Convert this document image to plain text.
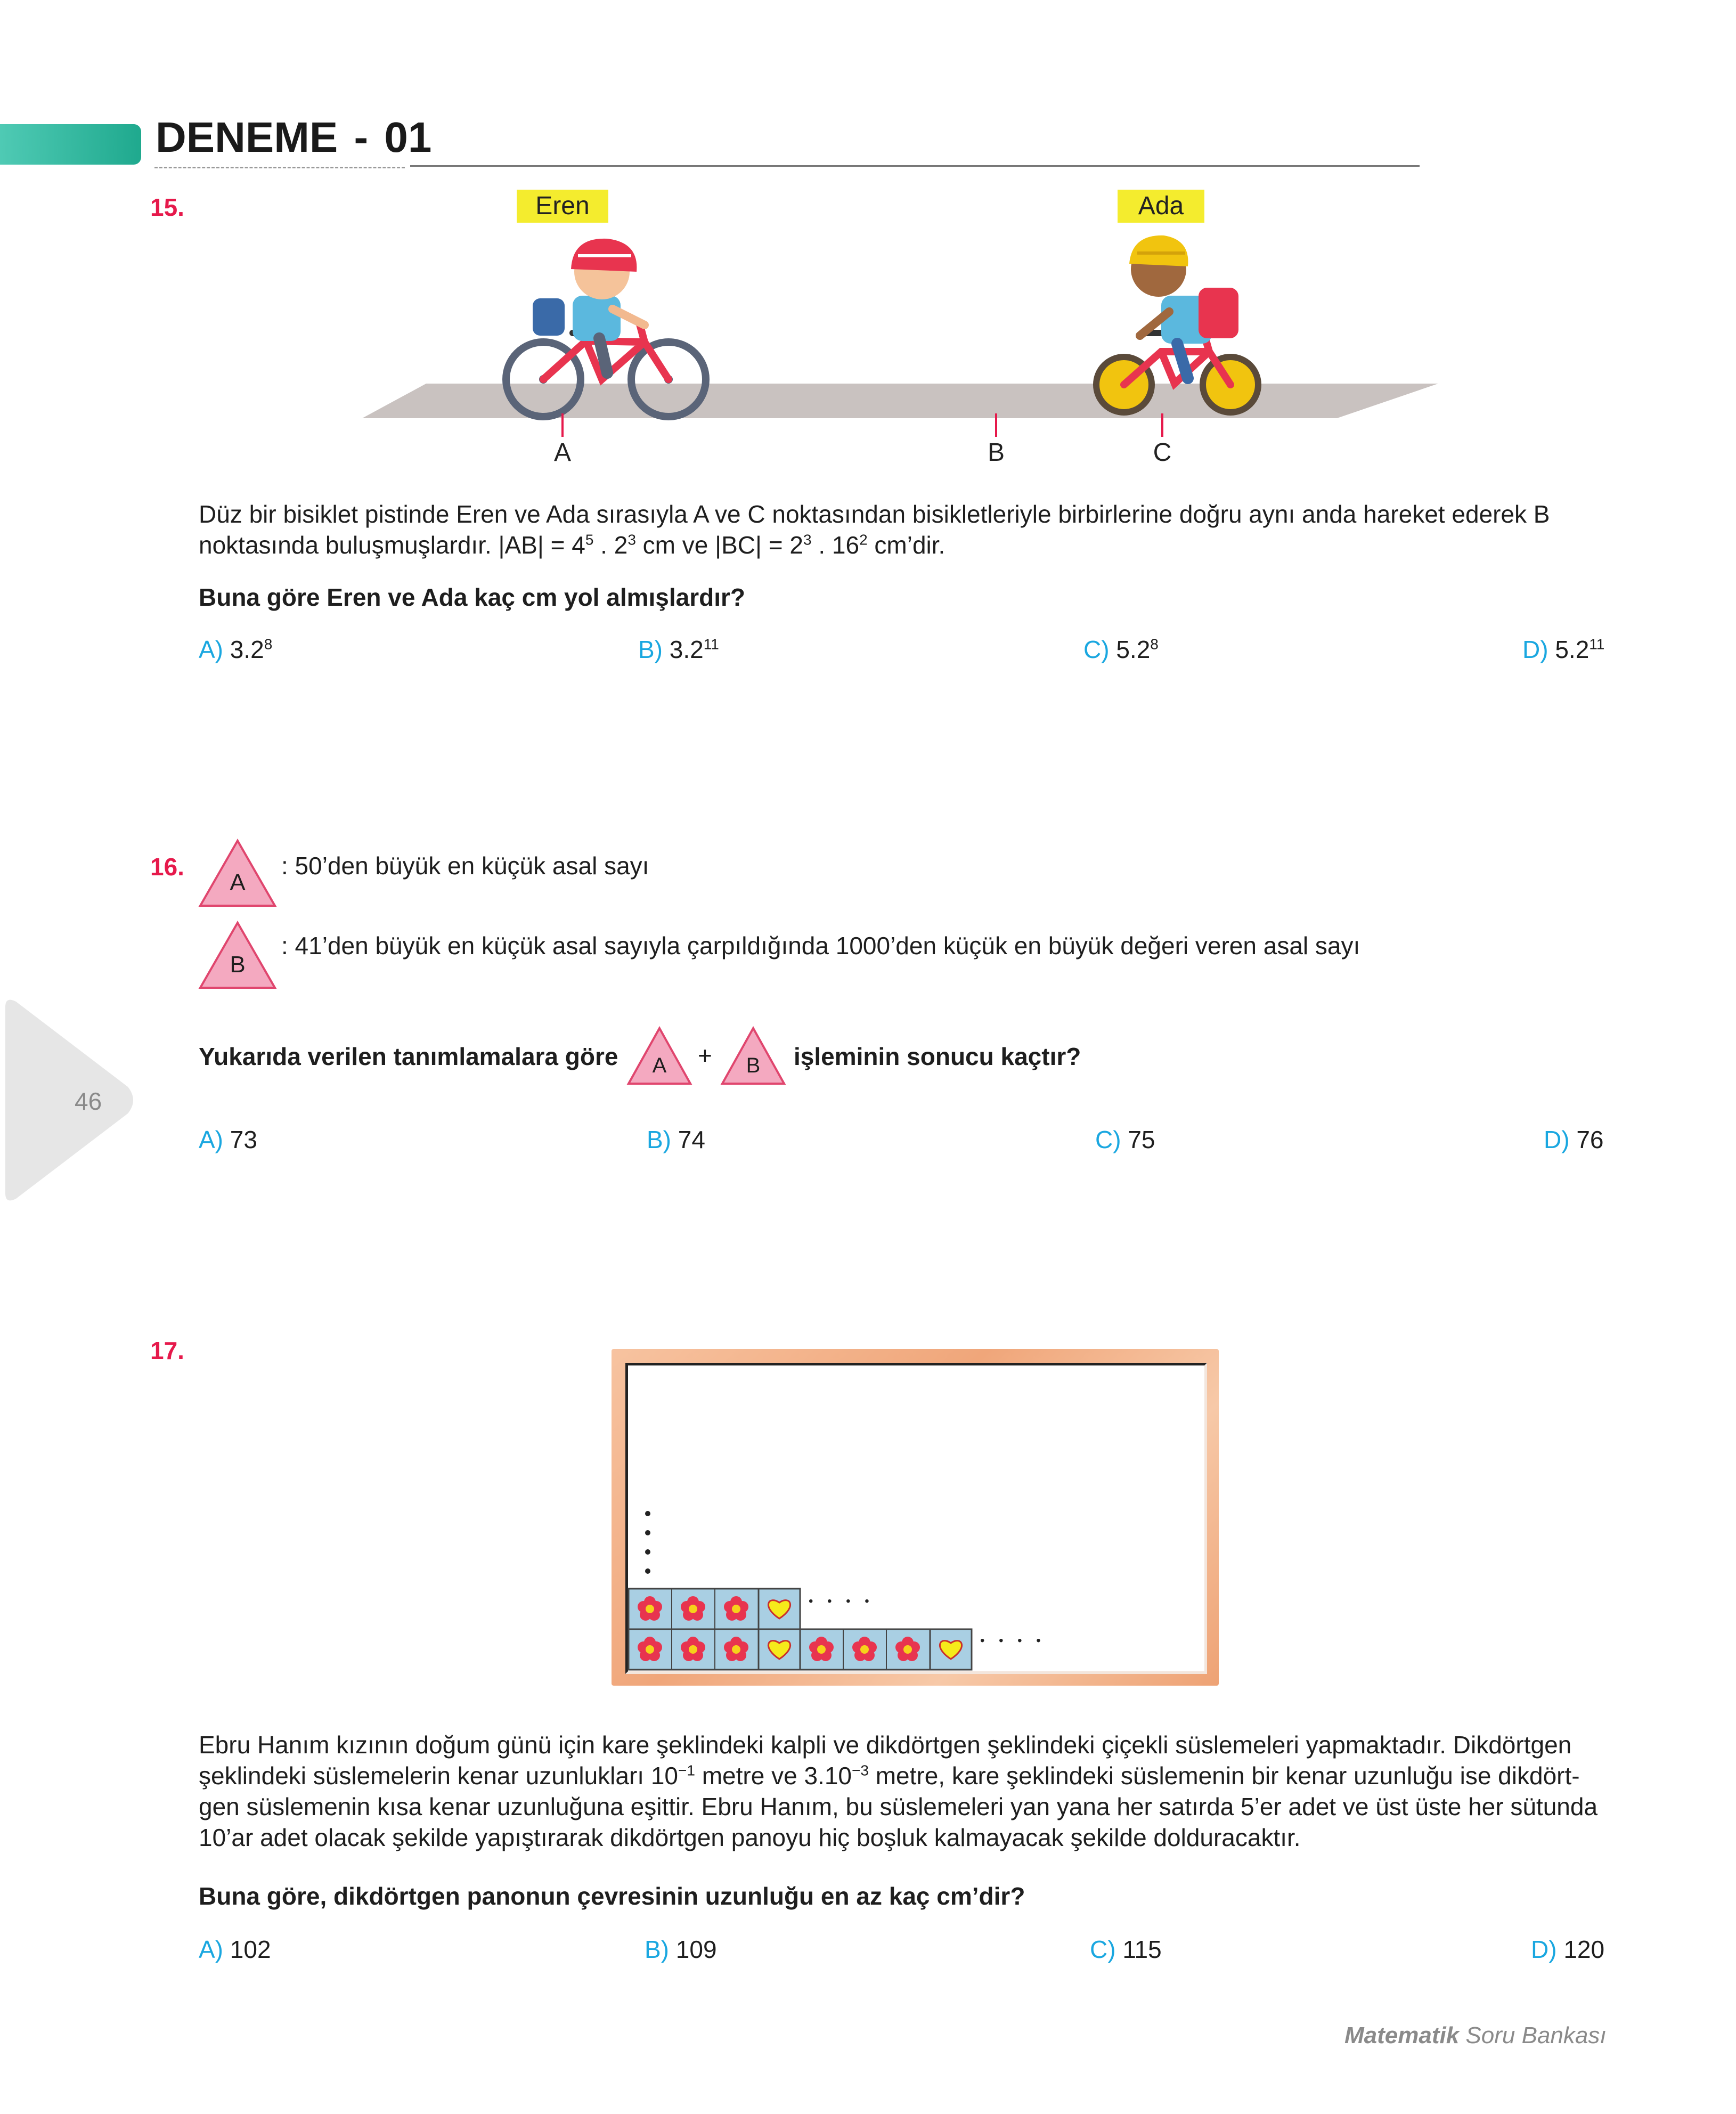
DENEME - 01
46
15.	Eren	Ada
A	B	C
Düz bir bisiklet pistinde Eren ve Ada sırasıyla A ve C noktasından bisikletleriyle birbirlerine doğru aynı anda hareket ederek B
noktasında buluşmuşlardır. $|AB| = 4^5$ . $2^3$ cm ve $|BC| = 2^3$ . $16^2$ cm’dir.
Buna göre Eren ve Ada kaç cm yol almışlardır?
A) $3.2^8$	B) $3.2^{11}$	C) $5.2^8$	D) $5.2^{11}$
16.
A
: 50’den büyük en küçük asal sayı
B
: 41’den büyük en küçük asal sayıyla çarpıldığında 1000’den küçük en büyük değeri veren asal sayı
Yukarıda verilen tanımlamalara göre	A	+	B	işleminin sonucu kaçtır?
A) 73	B) 74	C) 75	D) 76
17.
• • • •
• • • •
Ebru Hanım kızının doğum günü için kare şeklindeki kalpli ve dikdörtgen şeklindeki çiçekli süslemeleri yapmaktadır. Dikdörtgen
şeklindeki süslemelerin kenar uzunlukları $10^{-1}$ metre ve $3.10^{-3}$ metre, kare şeklindeki süslemenin bir kenar uzunluğu ise dikdört-
gen süslemenin kısa kenar uzunluğuna eşittir. Ebru Hanım, bu süslemeleri yan yana her satırda 5’er adet ve üst üste her sütunda
10’ar adet olacak şekilde yapıştırarak dikdörtgen panoyu hiç boşluk kalmayacak şekilde dolduracaktır.
Buna göre, dikdörtgen panonun çevresinin uzunluğu en az kaç cm’dir?
A) 102	B) 109	C) 115	D) 120
Matematik Soru Bankası
